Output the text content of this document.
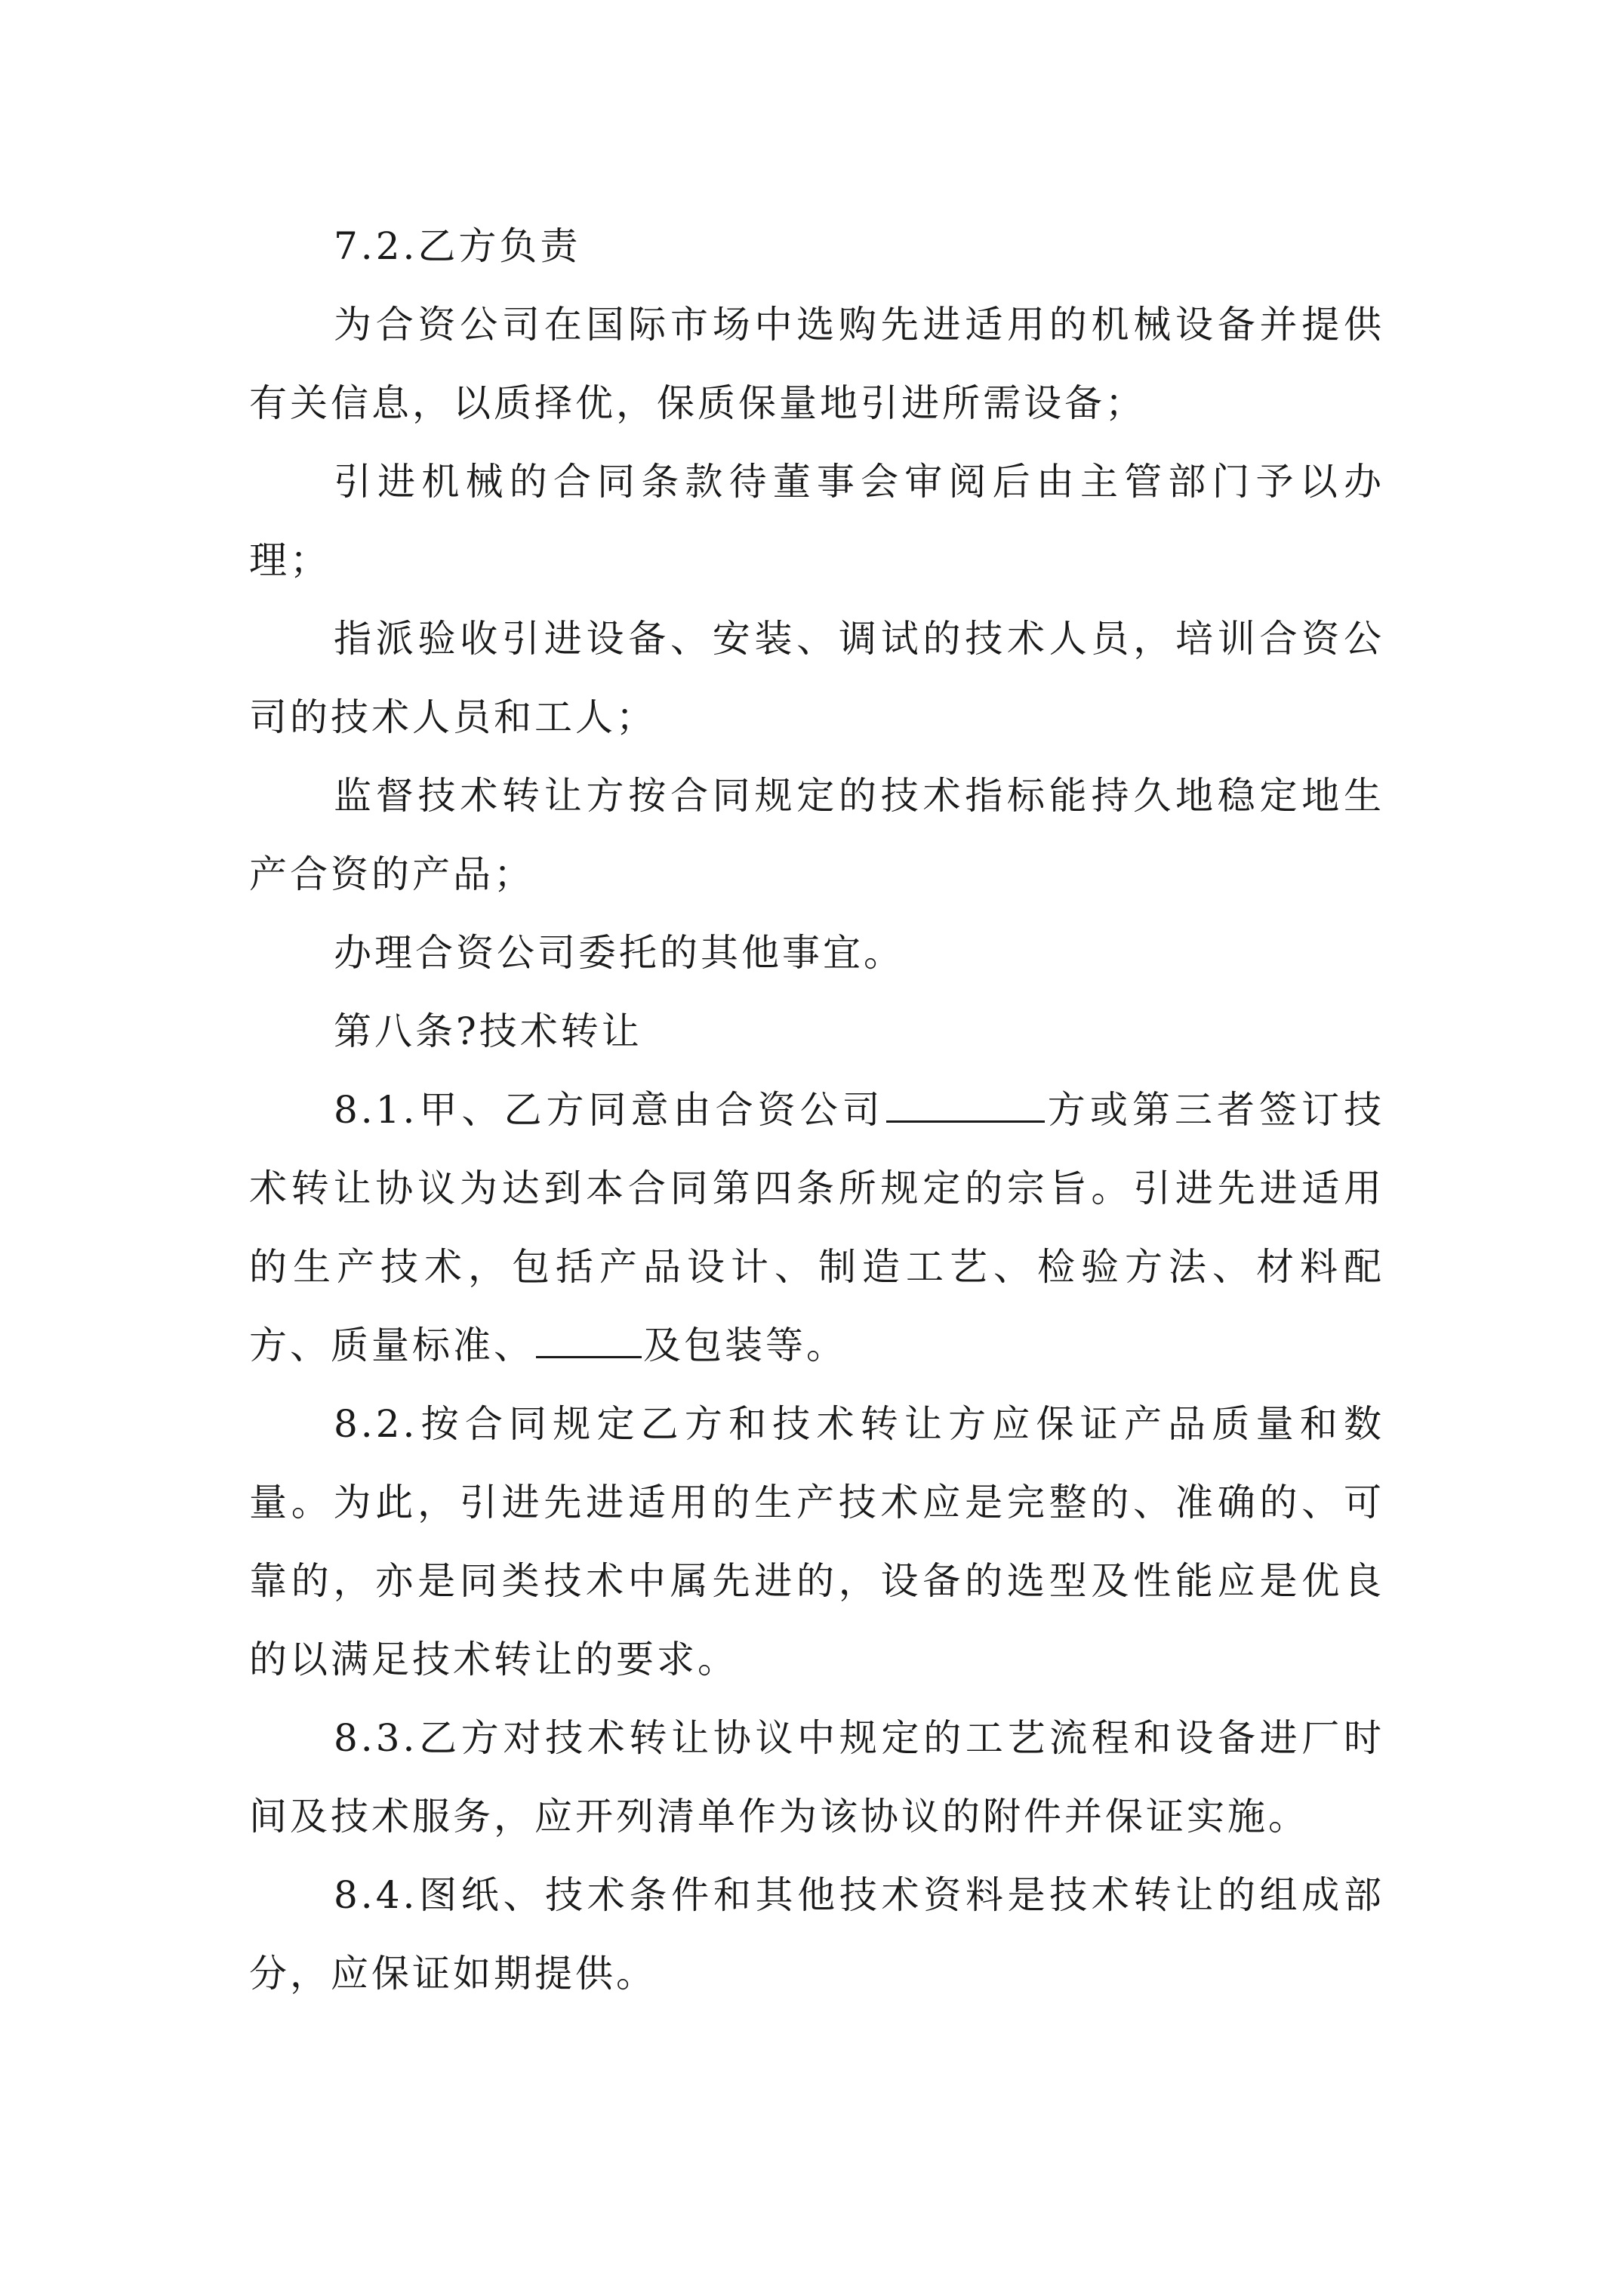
7.2.乙方负责

为合资公司在国际市场中选购先进适用的机械设备并提供有关信息，以质择优，保质保量地引进所需设备；

引进机械的合同条款待董事会审阅后由主管部门予以办理；

指派验收引进设备、安装、调试的技术人员，培训合资公司的技术人员和工人；

监督技术转让方按合同规定的技术指标能持久地稳定地生产合资的产品；

办理合资公司委托的其他事宜。

第八条?技术转让

8.1.甲、乙方同意由合资公司	方或第三者签订技术转让协议为达到本合同第四条所规定的宗旨。引进先进适用的生产技术，包括产品设计、制造工艺、检验方法、材料配方、质量标准、	及包装等。

8.2.按合同规定乙方和技术转让方应保证产品质量和数量。为此，引进先进适用的生产技术应是完整的、准确的、可靠的，亦是同类技术中属先进的，设备的选型及性能应是优良的以满足技术转让的要求。

8.3.乙方对技术转让协议中规定的工艺流程和设备进厂时间及技术服务，应开列清单作为该协议的附件并保证实施。

8.4.图纸、技术条件和其他技术资料是技术转让的组成部分，应保证如期提供。
